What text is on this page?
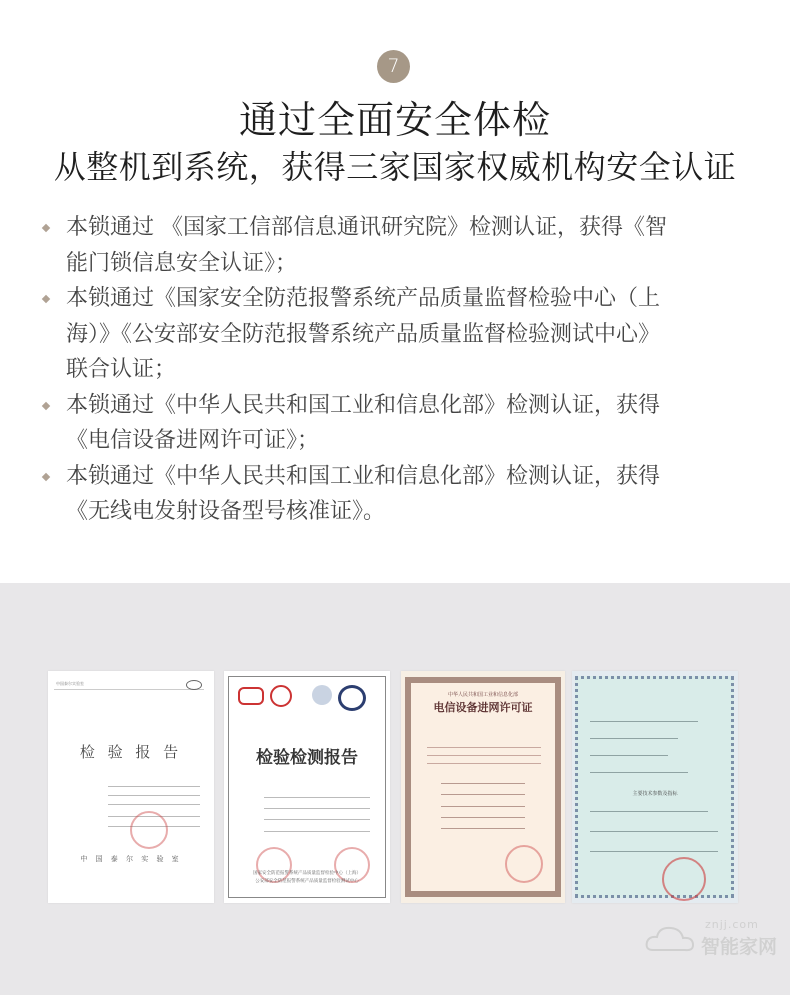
7
通过全面安全体检
从整机到系统，获得三家国家权威机构安全认证
本锁通过 《国家工信部信息通讯研究院》检测认证，获得《智
能门锁信息安全认证》；
本锁通过《国家安全防范报警系统产品质量监督检验中心（上
海）》《公安部安全防范报警系统产品质量监督检验测试中心》
联合认证；
本锁通过《中华人民共和国工业和信息化部》检测认证，获得
《电信设备进网许可证》；
本锁通过《中华人民共和国工业和信息化部》检测认证，获得
《无线电发射设备型号核准证》。
中国泰尔实验室
检 验 报 告
中 国 泰 尔 实 验 室
检验检测报告
国家安全防范报警系统产品质量监督检验中心（上海）
公安部安全防范报警系统产品质量监督检验测试中心
中华人民共和国工业和信息化部
电信设备进网许可证
主要技术参数及指标
znjj.com
智能家网
